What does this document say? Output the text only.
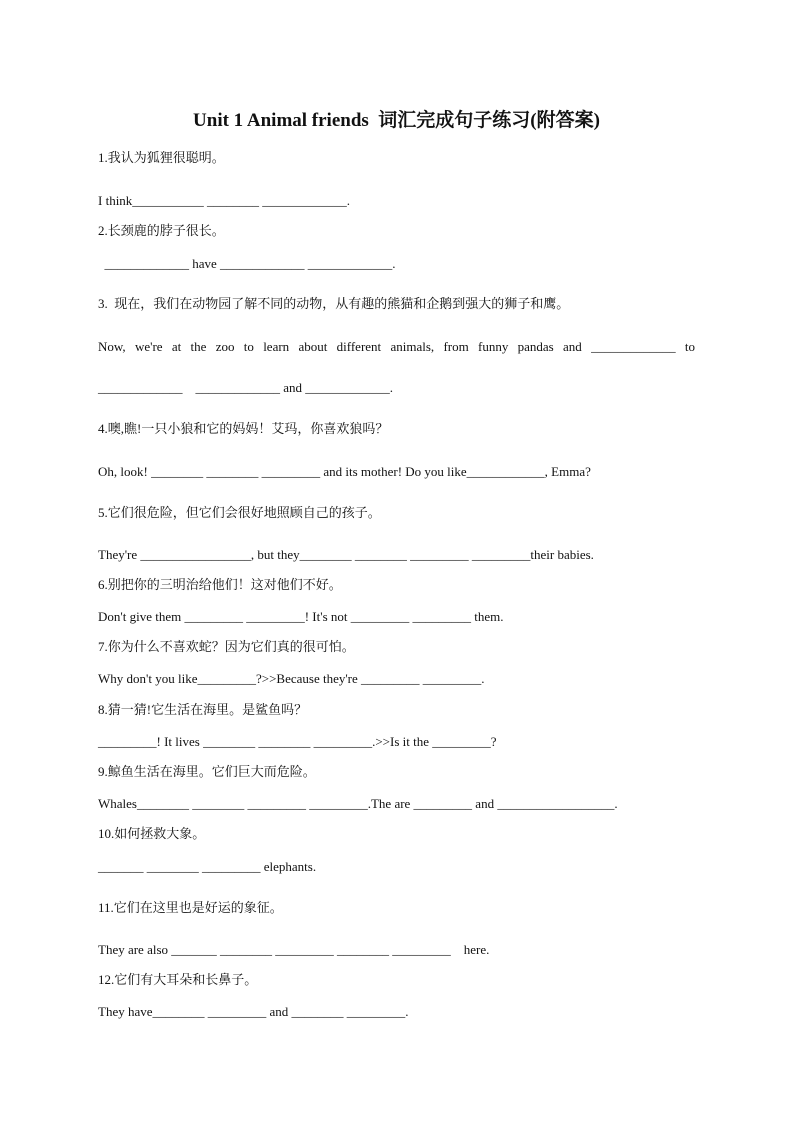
Unit 1 Animal friends  词汇完成句子练习(附答案)
1.我认为狐狸很聪明。
I think___________ ________ _____________.
2.长颈鹿的脖子很长。
_____________ have _____________ _____________.
3.  现在，我们在动物园了解不同的动物，从有趣的熊猫和企鹅到强大的狮子和鹰。
Now, we're at the zoo to learn about different animals, from funny pandas and _____________ to
_____________    _____________ and _____________.
4.噢,瞧!一只小狼和它的妈妈！艾玛，你喜欢狼吗？
Oh, look! ________ ________ _________ and its mother! Do you like____________, Emma?
5.它们很危险，但它们会很好地照顾自己的孩子。
They're _________________, but they________ ________ _________ _________their babies.
6.别把你的三明治给他们！这对他们不好。
Don't give them _________ _________! It's not _________ _________ them.
7.你为什么不喜欢蛇？因为它们真的很可怕。
Why don't you like_________?>>Because they're _________ _________.
8.猜一猜!它生活在海里。是鲨鱼吗？
_________! It lives ________ ________ _________.>>Is it the _________?
9.鲸鱼生活在海里。它们巨大而危险。
Whales________ ________ _________ _________.The are _________ and __________________.
10.如何拯救大象。
_______ ________ _________ elephants.
11.它们在这里也是好运的象征。
They are also _______ ________ _________ ________ _________    here.
12.它们有大耳朵和长鼻子。
They have________ _________ and ________ _________.
